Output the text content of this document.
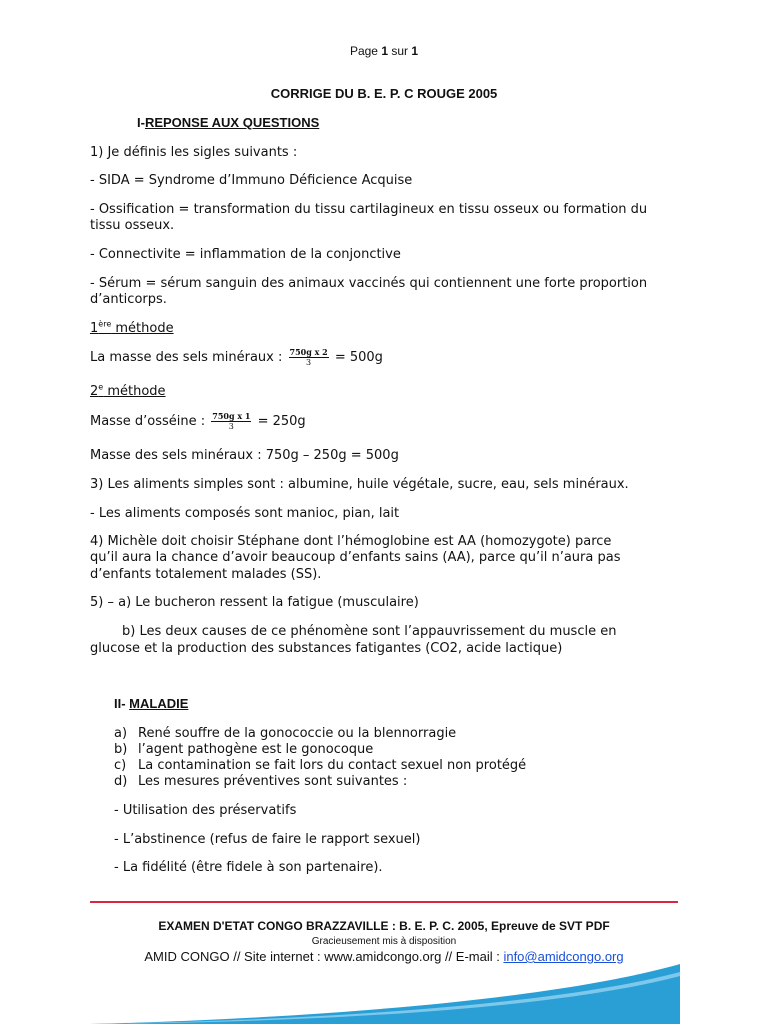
Page 1 sur 1
CORRIGE DU B. E. P. C ROUGE 2005
I-REPONSE AUX QUESTIONS
1) Je définis les sigles suivants :
- SIDA = Syndrome d’Immuno Déficience Acquise
- Ossification = transformation du tissu cartilagineux en tissu osseux ou formation du
tissu osseux.
- Connectivite = inflammation de la conjonctive
- Sérum = sérum sanguin des animaux vaccinés qui contiennent une forte proportion
d’anticorps.
1ère méthode
La masse des sels minéraux : $\frac{\text{750g x 2}}{3} = 500g$
2e méthode
Masse d’osséine : $\frac{\text{750g x 1}}{3} = 250g$
Masse des sels minéraux : 750g – 250g = 500g
3) Les aliments simples sont : albumine, huile végétale, sucre, eau, sels minéraux.
- Les aliments composés sont manioc, pian, lait
4) Michèle doit choisir Stéphane dont l’hémoglobine est AA (homozygote) parce
qu’il aura la chance d’avoir beaucoup d’enfants sains (AA), parce qu’il n’aura pas
d’enfants totalement malades (SS).
5) – a) Le bucheron ressent la fatigue (musculaire)
b) Les deux causes de ce phénomène sont l’appauvrissement du muscle en
glucose et la production des substances fatigantes (CO2, acide lactique)
II- MALADIE
a) René souffre de la gonococcie ou la blennorragie
b) l’agent pathogène est le gonocoque
c) La contamination se fait lors du contact sexuel non protégé
d) Les mesures préventives sont suivantes :
- Utilisation des préservatifs
- L’abstinence (refus de faire le rapport sexuel)
- La fidélité (être fidele à son partenaire).
EXAMEN D'ETAT CONGO BRAZZAVILLE : B. E. P. C. 2005, Epreuve de SVT PDF
Gracieusement mis à disposition
AMID CONGO // Site internet : www.amidcongo.org // E-mail : info@amidcongo.org
